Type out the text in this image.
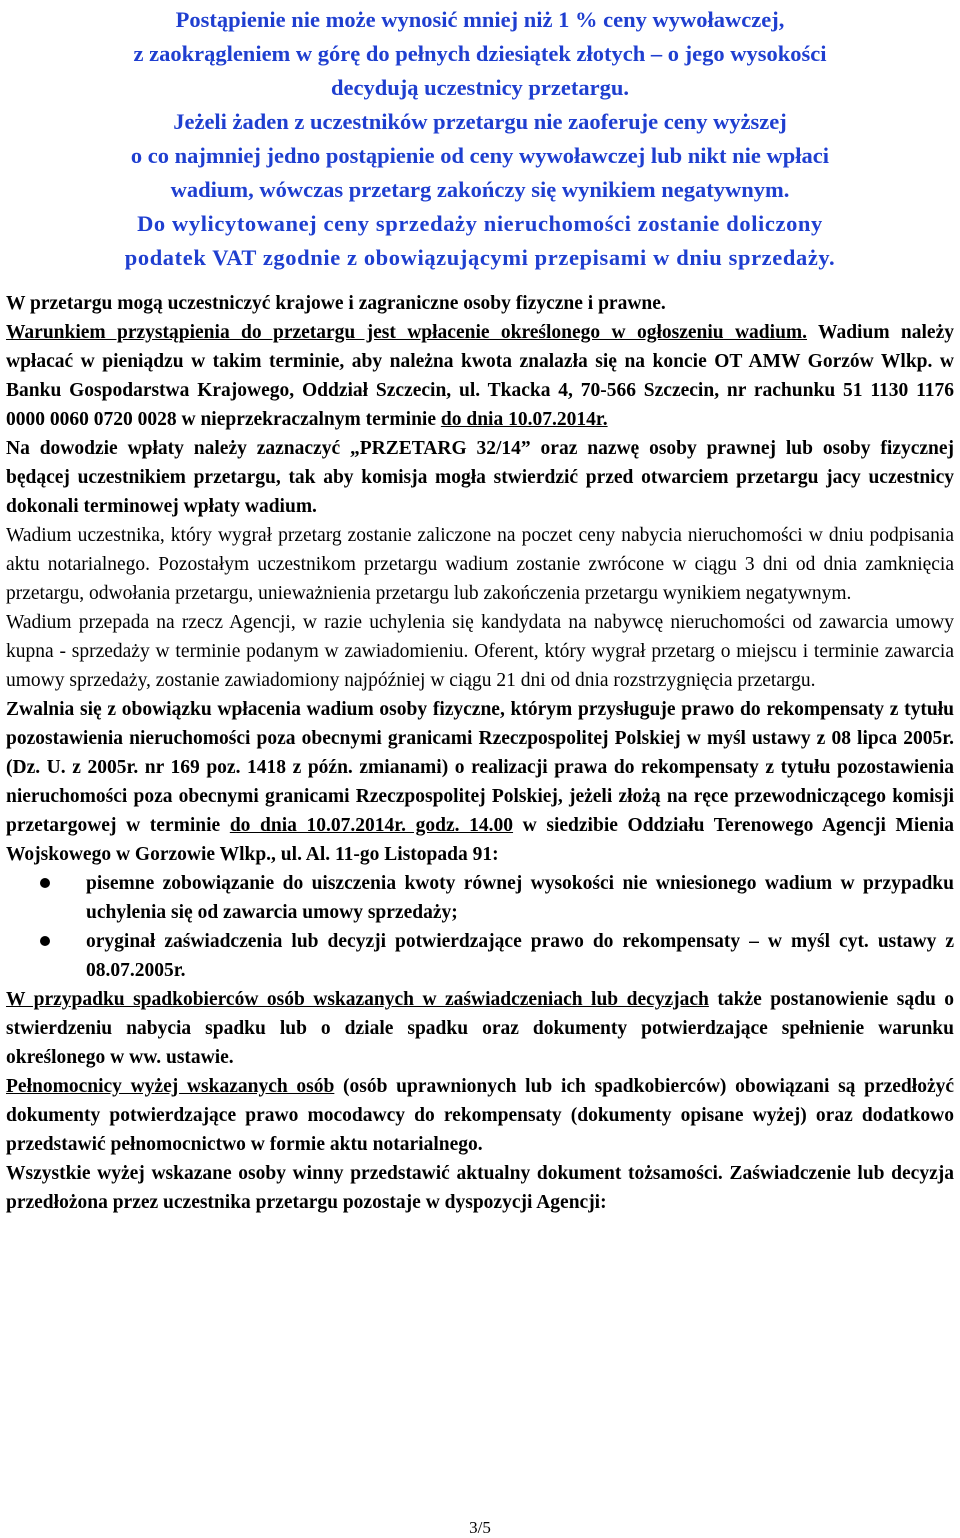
Postąpienie nie może wynosić mniej niż 1 % ceny wywoławczej,
z zaokrągleniem w górę do pełnych dziesiątek złotych – o jego wysokości
decydują uczestnicy przetargu.
Jeżeli żaden z uczestników przetargu nie zaoferuje ceny wyższej
o co najmniej jedno postąpienie od ceny wywoławczej lub nikt nie wpłaci
wadium, wówczas przetarg zakończy się wynikiem negatywnym.
Do wylicytowanej ceny sprzedaży nieruchomości zostanie doliczony
podatek VAT zgodnie z obowiązującymi przepisami w dniu sprzedaży.

W przetargu mogą uczestniczyć krajowe i zagraniczne osoby fizyczne i prawne.

Warunkiem przystąpienia do przetargu jest wpłacenie określonego w ogłoszeniu wadium. Wadium należy wpłacać w pieniądzu w takim terminie, aby należna kwota znalazła się na koncie OT AMW Gorzów Wlkp. w Banku Gospodarstwa Krajowego, Oddział Szczecin, ul. Tkacka 4, 70-566 Szczecin, nr rachunku 51 1130 1176 0000 0060 0720 0028 w nieprzekraczalnym terminie do dnia 10.07.2014r.

Na dowodzie wpłaty należy zaznaczyć „PRZETARG 32/14” oraz nazwę osoby prawnej lub osoby fizycznej będącej uczestnikiem przetargu, tak aby komisja mogła stwierdzić przed otwarciem przetargu jacy uczestnicy dokonali terminowej wpłaty wadium.

Wadium uczestnika, który wygrał przetarg zostanie zaliczone na poczet ceny nabycia nieruchomości w dniu podpisania aktu notarialnego. Pozostałym uczestnikom przetargu wadium zostanie zwrócone w ciągu 3 dni od dnia zamknięcia przetargu, odwołania przetargu, unieważnienia przetargu lub zakończenia przetargu wynikiem negatywnym.

Wadium przepada na rzecz Agencji, w razie uchylenia się kandydata na nabywcę nieruchomości od zawarcia umowy kupna - sprzedaży w terminie podanym w zawiadomieniu. Oferent, który wygrał przetarg o miejscu i terminie zawarcia umowy sprzedaży, zostanie zawiadomiony najpóźniej w ciągu 21 dni od dnia rozstrzygnięcia przetargu.

Zwalnia się z obowiązku wpłacenia wadium osoby fizyczne, którym przysługuje prawo do rekompensaty z tytułu pozostawienia nieruchomości poza obecnymi granicami Rzeczpospolitej Polskiej w myśl ustawy z 08 lipca 2005r. (Dz. U. z 2005r. nr 169 poz. 1418 z późn. zmianami) o realizacji prawa do rekompensaty z tytułu pozostawienia nieruchomości poza obecnymi granicami Rzeczpospolitej Polskiej, jeżeli złożą na ręce przewodniczącego komisji przetargowej w terminie do dnia 10.07.2014r. godz. 14.00 w siedzibie Oddziału Terenowego Agencji Mienia Wojskowego w Gorzowie Wlkp., ul. Al. 11-go Listopada 91:

pisemne zobowiązanie do uiszczenia kwoty równej wysokości nie wniesionego wadium w przypadku uchylenia się od zawarcia umowy sprzedaży;
oryginał zaświadczenia lub decyzji potwierdzające prawo do rekompensaty – w myśl cyt. ustawy z 08.07.2005r.

W przypadku spadkobierców osób wskazanych w zaświadczeniach lub decyzjach także postanowienie sądu o stwierdzeniu nabycia spadku lub o dziale spadku oraz dokumenty potwierdzające spełnienie warunku określonego w ww. ustawie.

Pełnomocnicy wyżej wskazanych osób (osób uprawnionych lub ich spadkobierców) obowiązani są przedłożyć dokumenty potwierdzające prawo mocodawcy do rekompensaty (dokumenty opisane wyżej) oraz dodatkowo przedstawić pełnomocnictwo w formie aktu notarialnego.

Wszystkie wyżej wskazane osoby winny przedstawić aktualny dokument tożsamości. Zaświadczenie lub decyzja przedłożona przez uczestnika przetargu pozostaje w dyspozycji Agencji:

3/5
